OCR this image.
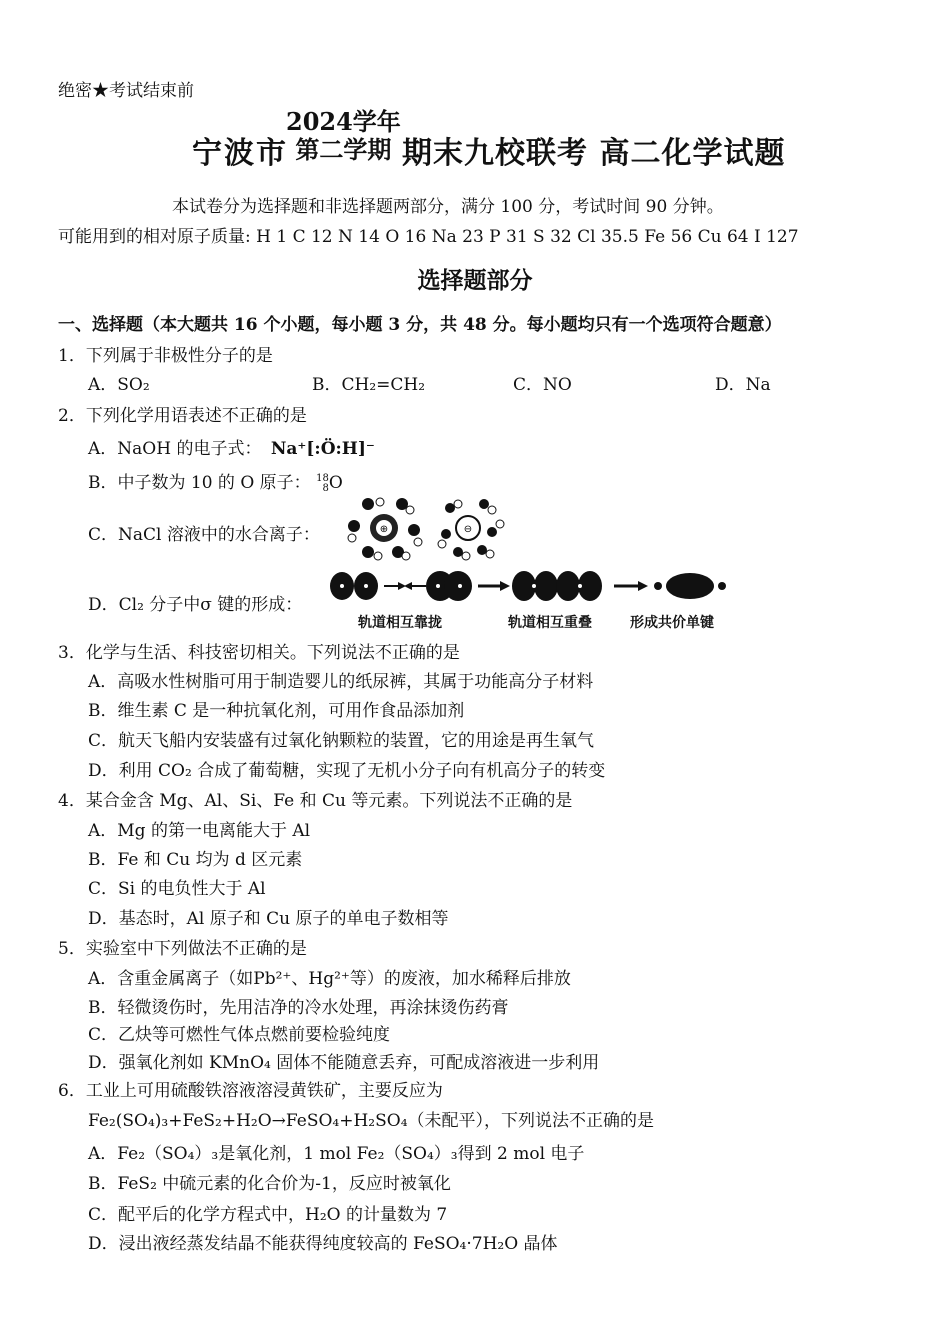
绝密★考试结束前
宁波市
2024学年
第二学期 期末九校联考 高二化学试题
本试卷分为选择题和非选择题两部分，满分 100 分，考试时间 90 分钟。
可能用到的相对原子质量: H 1 C 12 N 14 O 16 Na 23 P 31 S 32 Cl 35.5 Fe 56 Cu 64 I 127
选择题部分
一、选择题（本大题共 16 个小题，每小题 3 分，共 48 分。每小题均只有一个选项符合题意）
1．下列属于非极性分子的是
A．SO₂	B．CH₂=CH₂	C．NO	D．Na
2．下列化学用语表述不正确的是
A．NaOH 的电子式： Na⁺[:Ö:H]⁻
B．中子数为 10 的 O 原子： 18
8 O
C．NaCl 溶液中的水合离子：	⊕	⊖
D．Cl₂ 分子中σ 键的形成：
轨道相互靠拢	轨道相互重叠	形成共价单键
3．化学与生活、科技密切相关。下列说法不正确的是
A．高吸水性树脂可用于制造婴儿的纸尿裤，其属于功能高分子材料
B．维生素 C 是一种抗氧化剂，可用作食品添加剂
C．航天飞船内安装盛有过氧化钠颗粒的装置，它的用途是再生氧气
D．利用 CO₂ 合成了葡萄糖，实现了无机小分子向有机高分子的转变
4．某合金含 Mg、Al、Si、Fe 和 Cu 等元素。下列说法不正确的是
A．Mg 的第一电离能大于 Al
B．Fe 和 Cu 均为 d 区元素
C．Si 的电负性大于 Al
D．基态时，Al 原子和 Cu 原子的单电子数相等
5．实验室中下列做法不正确的是
A．含重金属离子（如Pb²⁺、Hg²⁺等）的废液，加水稀释后排放
B．轻微烫伤时，先用洁净的冷水处理，再涂抹烫伤药膏
C．乙炔等可燃性气体点燃前要检验纯度
D．强氧化剂如 KMnO₄ 固体不能随意丢弃，可配成溶液进一步利用
6．工业上可用硫酸铁溶液溶浸黄铁矿，主要反应为
Fe₂(SO₄)₃+FeS₂+H₂O→FeSO₄+H₂SO₄（未配平），下列说法不正确的是
A．Fe₂（SO₄）₃是氧化剂，1 mol Fe₂（SO₄）₃得到 2 mol 电子
B．FeS₂ 中硫元素的化合价为-1，反应时被氧化
C．配平后的化学方程式中，H₂O 的计量数为 7
D．浸出液经蒸发结晶不能获得纯度较高的 FeSO₄·7H₂O 晶体
